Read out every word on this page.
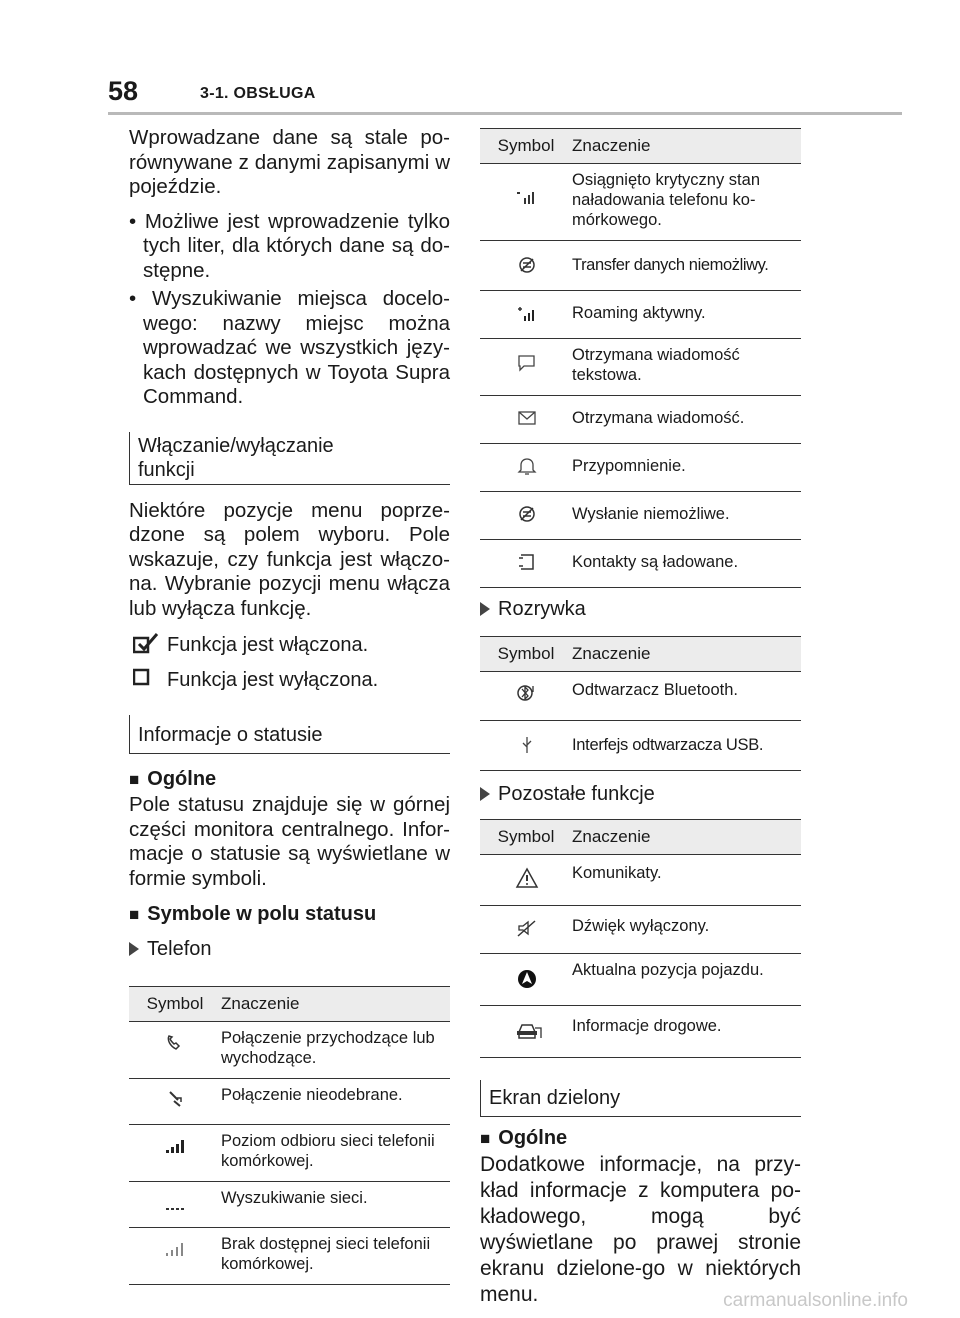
58	3-1. OBSŁUGA

Wprowadzane dane są stale po-równywane z danymi zapisanymi w pojeździe.

• Możliwe jest wprowadzenie tylko tych liter, dla których dane są do-stępne.

• Wyszukiwanie miejsca docelo-wego: nazwy miejsc można wprowadzać we wszystkich języ-kach dostępnych w Toyota Supra Command.

Włączanie/wyłączanie
funkcji

Niektóre pozycje menu poprze-dzone są polem wyboru. Pole wskazuje, czy funkcja jest włączo-na. Wybranie pozycji menu włącza lub wyłącza funkcję.

Funkcja jest włączona.
Funkcja jest wyłączona.
Informacje o statusie

■ Ogólne

Pole statusu znajduje się w górnej części monitora centralnego. Infor-macje o statusie są wyświetlane w formie symboli.

■ Symbole w polu statusu

Telefon

Symbol	Znaczenie
	Połączenie przychodzące lub wychodzące.
	Połączenie nieodebrane.
	Poziom odbioru sieci telefonii komórkowej.
	Wyszukiwanie sieci.
	Brak dostępnej sieci telefonii komórkowej.
Symbol	Znaczenie
	Osiągnięto krytyczny stan naładowania telefonu ko-mórkowego.
	Transfer danych niemożliwy.
	Roaming aktywny.
	Otrzymana wiadomość tekstowa.
	Otrzymana wiadomość.
	Przypomnienie.
	Wysłanie niemożliwe.
	Kontakty są ładowane.

Rozrywka

Symbol	Znaczenie
	Odtwarzacz Bluetooth.
	Interfejs odtwarzacza USB.

Pozostałe funkcje

Symbol	Znaczenie
	Komunikaty.
	Dźwięk wyłączony.
	Aktualna pozycja pojazdu.
	Informacje drogowe.
Ekran dzielony

■ Ogólne

Dodatkowe informacje, na przy-kład informacje z komputera po-kładowego, mogą być wyświetlane po prawej stronie ekranu dzielone-go w niektórych menu.	carmanualsonline.info
